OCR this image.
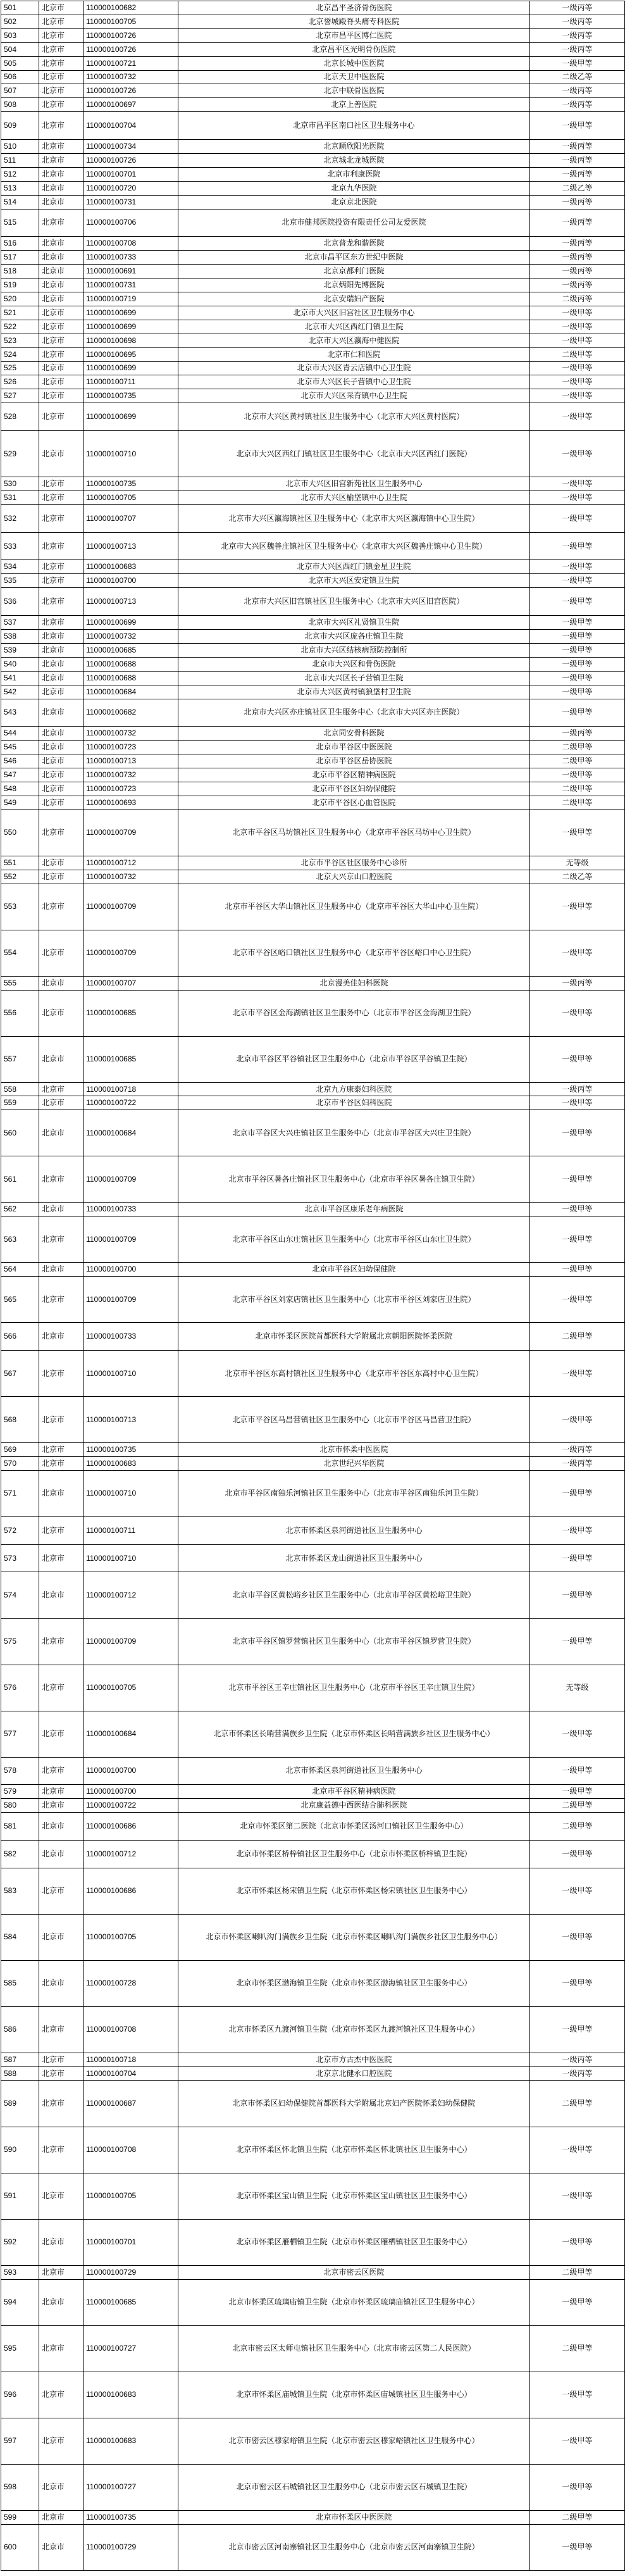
501	北京市	110000100682	北京昌平圣济骨伤医院	一级丙等
502	北京市	110000100705	北京誉城殿脊头痛专科医院	一级丙等
503	北京市	110000100726	北京市昌平区博仁医院	一级丙等
504	北京市	110000100726	北京昌平区光明骨伤医院	一级丙等
505	北京市	110000100721	北京长城中医医院	一级甲等
506	北京市	110000100732	北京天卫中医医院	二级乙等
507	北京市	110000100726	北京中联骨医医院	一级丙等
508	北京市	110000100697	北京上善医院	一级丙等
509	北京市	110000100704	北京市昌平区南口社区卫生服务中心	一级甲等
510	北京市	110000100734	北京顺欣阳光医院	一级丙等
511	北京市	110000100726	北京城北龙城医院	一级丙等
512	北京市	110000100701	北京市利康医院	一级丙等
513	北京市	110000100720	北京九华医院	二级乙等
514	北京市	110000100731	北京京北医院	一级丙等
515	北京市	110000100706	北京市健邦医院投资有限责任公司友爱医院	一级丙等
516	北京市	110000100708	北京普龙和谐医院	一级丙等
517	北京市	110000100733	北京市昌平区东方世纪中医院	一级丙等
518	北京市	110000100691	北京京都利门医院	一级丙等
519	北京市	110000100731	北京炳阳先博医院	一级丙等
520	北京市	110000100719	北京安瑞妇产医院	二级丙等
521	北京市	110000100699	北京市大兴区旧宫社区卫生服务中心	一级甲等
522	北京市	110000100699	北京市大兴区西红门镇卫生院	一级甲等
523	北京市	110000100698	北京市大兴区瀛海中健医院	一级甲等
524	北京市	110000100695	北京市仁和医院	二级甲等
525	北京市	110000100699	北京市大兴区青云店镇中心卫生院	一级甲等
526	北京市	110000100711	北京市大兴区长子营镇中心卫生院	一级甲等
527	北京市	110000100735	北京市大兴区采育镇中心卫生院	一级甲等
528	北京市	110000100699	北京市大兴区黄村镇社区卫生服务中心（北京市大兴区黄村医院）	一级甲等
529	北京市	110000100710	北京市大兴区西红门镇社区卫生服务中心（北京市大兴区西红门医院）	一级甲等
530	北京市	110000100735	北京市大兴区旧宫新苑社区卫生服务中心	一级甲等
531	北京市	110000100705	北京市大兴区榆垡镇中心卫生院	一级甲等
532	北京市	110000100707	北京市大兴区瀛海镇社区卫生服务中心（北京市大兴区瀛海镇中心卫生院）	一级甲等
533	北京市	110000100713	北京市大兴区魏善庄镇社区卫生服务中心（北京市大兴区魏善庄镇中心卫生院）	一级甲等
534	北京市	110000100683	北京市大兴区西红门镇金星卫生院	一级甲等
535	北京市	110000100700	北京市大兴区安定镇卫生院	一级甲等
536	北京市	110000100713	北京市大兴区旧宫镇社区卫生服务中心（北京市大兴区旧宫医院）	一级甲等
537	北京市	110000100699	北京市大兴区礼贤镇卫生院	一级甲等
538	北京市	110000100732	北京市大兴区庞各庄镇卫生院	一级甲等
539	北京市	110000100685	北京市大兴区结核病预防控制所	一级甲等
540	北京市	110000100688	北京市大兴区和骨伤医院	一级甲等
541	北京市	110000100688	北京市大兴区长子营镇卫生院	一级甲等
542	北京市	110000100684	北京市大兴区黄村镇狼垡村卫生院	一级甲等
543	北京市	110000100682	北京市大兴区亦庄镇社区卫生服务中心（北京市大兴区亦庄医院）	一级甲等
544	北京市	110000100732	北京同安骨科医院	一级丙等
545	北京市	110000100723	北京市平谷区中医医院	二级甲等
546	北京市	110000100713	北京市平谷区岳协医院	二级甲等
547	北京市	110000100732	北京市平谷区精神病医院	一级甲等
548	北京市	110000100723	北京市平谷区妇幼保健院	二级甲等
549	北京市	110000100693	北京市平谷区心血管医院	二级甲等
550	北京市	110000100709	北京市平谷区马坊镇社区卫生服务中心（北京市平谷区马坊中心卫生院）	一级甲等
551	北京市	110000100712	北京市平谷区社区服务中心诊所	无等级
552	北京市	110000100732	北京大兴京山口腔医院	二级乙等
553	北京市	110000100709	北京市平谷区大华山镇社区卫生服务中心（北京市平谷区大华山中心卫生院）	一级甲等
554	北京市	110000100709	北京市平谷区峪口镇社区卫生服务中心（北京市平谷区峪口中心卫生院）	一级甲等
555	北京市	110000100707	北京漫美佳妇科医院	一级丙等
556	北京市	110000100685	北京市平谷区金海湖镇社区卫生服务中心（北京市平谷区金海湖卫生院）	一级甲等
557	北京市	110000100685	北京市平谷区平谷镇社区卫生服务中心（北京市平谷区平谷镇卫生院）	一级甲等
558	北京市	110000100718	北京九方康泰妇科医院	一级丙等
559	北京市	110000100722	北京市平谷区妇科医院	一级甲等
560	北京市	110000100684	北京市平谷区大兴庄镇社区卫生服务中心（北京市平谷区大兴庄卫生院）	一级甲等
561	北京市	110000100709	北京市平谷区暑各庄镇社区卫生服务中心（北京市平谷区暑各庄镇卫生院）	一级甲等
562	北京市	110000100733	北京市平谷区康乐老年病医院	一级甲等
563	北京市	110000100709	北京市平谷区山东庄镇社区卫生服务中心（北京市平谷区山东庄卫生院）	一级甲等
564	北京市	110000100700	北京市平谷区妇幼保健院	一级甲等
565	北京市	110000100709	北京市平谷区刘家店镇社区卫生服务中心（北京市平谷区刘家店卫生院）	一级甲等
566	北京市	110000100733	北京市怀柔区医院首都医科大学附属北京朝阳医院怀柔医院	二级甲等
567	北京市	110000100710	北京市平谷区东高村镇社区卫生服务中心（北京市平谷区东高村中心卫生院）	一级甲等
568	北京市	110000100713	北京市平谷区马昌营镇社区卫生服务中心（北京市平谷区马昌营卫生院）	一级甲等
569	北京市	110000100735	北京市怀柔中医医院	一级丙等
570	北京市	110000100683	北京世纪兴华医院	一级丙等
571	北京市	110000100710	北京市平谷区南独乐河镇社区卫生服务中心（北京市平谷区南独乐河卫生院）	一级甲等
572	北京市	110000100711	北京市怀柔区泉河街道社区卫生服务中心	一级甲等
573	北京市	110000100710	北京市怀柔区龙山街道社区卫生服务中心	一级甲等
574	北京市	110000100712	北京市平谷区黄松峪乡社区卫生服务中心（北京市平谷区黄松峪卫生院）	一级甲等
575	北京市	110000100709	北京市平谷区镇罗营镇社区卫生服务中心（北京市平谷区镇罗营卫生院）	一级甲等
576	北京市	110000100705	北京市平谷区王辛庄镇社区卫生服务中心（北京市平谷区王辛庄镇卫生院）	无等级
577	北京市	110000100684	北京市怀柔区长哨营满族乡卫生院（北京市怀柔区长哨营满族乡社区卫生服务中心）	一级甲等
578	北京市	110000100700	北京市怀柔区泉河街道社区卫生服务中心	一级甲等
579	北京市	110000100700	北京市平谷区精神病医院	一级甲等
580	北京市	110000100722	北京康益德中西医结合肺科医院	二级甲等
581	北京市	110000100686	北京市怀柔区第二医院（北京市怀柔区汤河口镇社区卫生服务中心）	二级甲等
582	北京市	110000100712	北京市怀柔区桥梓镇社区卫生服务中心（北京市怀柔区桥梓镇卫生院）	一级甲等
583	北京市	110000100686	北京市怀柔区杨宋镇卫生院（北京市怀柔区杨宋镇社区卫生服务中心）	一级甲等
584	北京市	110000100705	北京市怀柔区喇叭沟门满族乡卫生院（北京市怀柔区喇叭沟门满族乡社区卫生服务中心）	一级甲等
585	北京市	110000100728	北京市怀柔区渤海镇卫生院（北京市怀柔区渤海镇社区卫生服务中心）	一级甲等
586	北京市	110000100708	北京市怀柔区九渡河镇卫生院（北京市怀柔区九渡河镇社区卫生服务中心）	一级甲等
587	北京市	110000100718	北京市方古杰中医医院	一级丙等
588	北京市	110000100704	北京京北健永口腔医院	一级丙等
589	北京市	110000100687	北京市怀柔区妇幼保健院首都医科大学附属北京妇产医院怀柔妇幼保健院	二级甲等
590	北京市	110000100708	北京市怀柔区怀北镇卫生院（北京市怀柔区怀北镇社区卫生服务中心）	一级甲等
591	北京市	110000100705	北京市怀柔区宝山镇卫生院（北京市怀柔区宝山镇社区卫生服务中心）	一级甲等
592	北京市	110000100701	北京市怀柔区雁栖镇卫生院（北京市怀柔区雁栖镇社区卫生服务中心）	一级甲等
593	北京市	110000100729	北京市密云区医院	二级甲等
594	北京市	110000100685	北京市怀柔区琉璃庙镇卫生院（北京市怀柔区琉璃庙镇社区卫生服务中心）	一级甲等
595	北京市	110000100727	北京市密云区太师屯镇社区卫生服务中心（北京市密云区第二人民医院）	二级甲等
596	北京市	110000100683	北京市怀柔区庙城镇卫生院（北京市怀柔区庙城镇社区卫生服务中心）	一级甲等
597	北京市	110000100683	北京市密云区穆家峪镇卫生院（北京市密云区穆家峪镇社区卫生服务中心）	一级甲等
598	北京市	110000100727	北京市密云区石城镇社区卫生服务中心（北京市密云区石城镇卫生院）	一级甲等
599	北京市	110000100735	北京市怀柔区中医医院	二级甲等
600	北京市	110000100729	北京市密云区河南寨镇社区卫生服务中心（北京市密云区河南寨镇卫生院）	一级甲等
